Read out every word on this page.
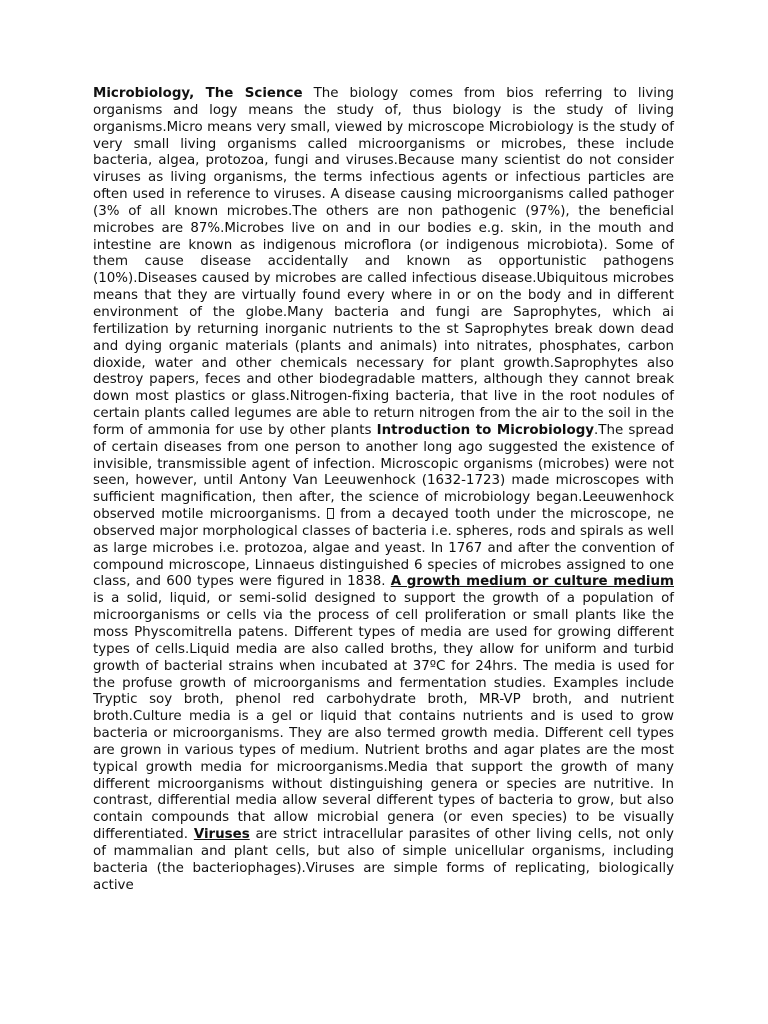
Microbiology, The Science The biology comes from bios referring to living organisms and logy means the study of, thus biology is the study of living organisms.Micro means very small, viewed by microscope Microbiology is the study of very small living organisms called microorganisms or microbes, these include bacteria, algea, protozoa, fungi and viruses.Because many scientist do not consider viruses as living organisms, the terms infectious agents or infectious particles are often used in reference to viruses. A disease causing microorganisms called pathoger (3% of all known microbes.The others are non pathogenic (97%), the beneficial microbes are 87%.Microbes live on and in our bodies e.g. skin, in the mouth and intestine are known as indigenous microflora (or indigenous microbiota). Some of them cause disease accidentally and known as opportunistic pathogens (10%).Diseases caused by microbes are called infectious disease.Ubiquitous microbes means that they are virtually found every where in or on the body and in different environment of the globe.Many bacteria and fungi are Saprophytes, which ai fertilization by returning inorganic nutrients to the st Saprophytes break down dead and dying organic materials (plants and animals) into nitrates, phosphates, carbon dioxide, water and other chemicals necessary for plant growth.Saprophytes also destroy papers, feces and other biodegradable matters, although they cannot break down most plastics or glass.Nitrogen-fixing bacteria, that live in the root nodules of certain plants called legumes are able to return nitrogen from the air to the soil in the form of ammonia for use by other plants Introduction to Microbiology.The spread of certain diseases from one person to another long ago suggested the existence of invisible, transmissible agent of infection. Microscopic organisms (microbes) were not seen, however, until Antony Van Leeuwenhock (1632-1723) made microscopes with sufficient magnification, then after, the science of microbiology began.Leeuwenhock observed motile microorganisms.  from a decayed tooth under the microscope, ne observed major morphological classes of bacteria i.e. spheres, rods and spirals as well as large microbes i.e. protozoa, algae and yeast. In 1767 and after the convention of compound microscope, Linnaeus distinguished 6 species of microbes assigned to one class, and 600 types were figured in 1838. A growth medium or culture medium is a solid, liquid, or semi-solid designed to support the growth of a population of microorganisms or cells via the process of cell proliferation or small plants like the moss Physcomitrella patens. Different types of media are used for growing different types of cells.Liquid media are also called broths, they allow for uniform and turbid growth of bacterial strains when incubated at 37ºC for 24hrs. The media is used for the profuse growth of microorganisms and fermentation studies. Examples include Tryptic soy broth, phenol red carbohydrate broth, MR-VP broth, and nutrient broth.Culture media is a gel or liquid that contains nutrients and is used to grow bacteria or microorganisms. They are also termed growth media. Different cell types are grown in various types of medium. Nutrient broths and agar plates are the most typical growth media for microorganisms.Media that support the growth of many different microorganisms without distinguishing genera or species are nutritive. In contrast, differential media allow several different types of bacteria to grow, but also contain compounds that allow microbial genera (or even species) to be visually differentiated. Viruses are strict intracellular parasites of other living cells, not only of mammalian and plant cells, but also of simple unicellular organisms, including bacteria (the bacteriophages).Viruses are simple forms of replicating, biologically active
